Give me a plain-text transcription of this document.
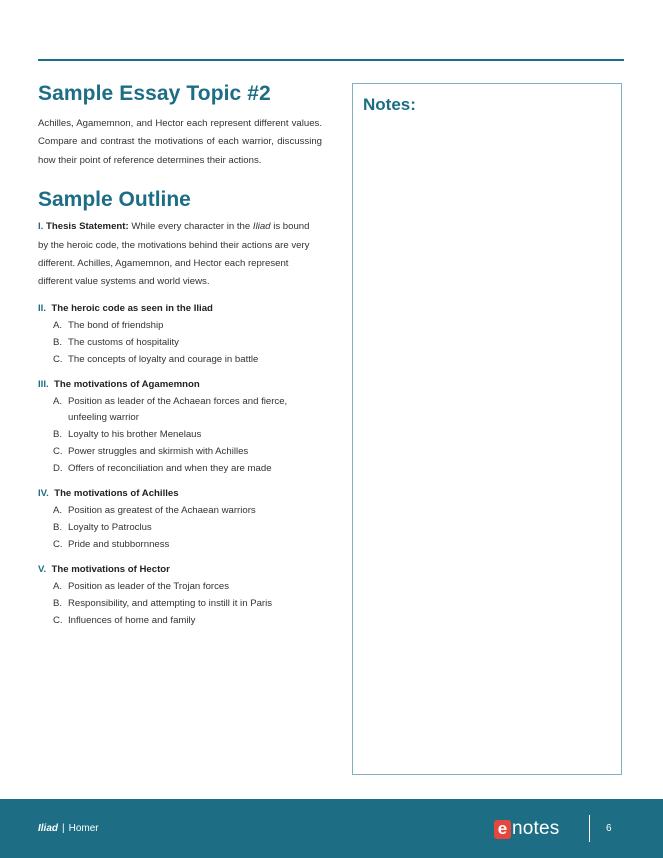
Sample Essay Topic #2

Achilles, Agamemnon, and Hector each represent different values. Compare and contrast the motivations of each warrior, discussing how their point of reference determines their actions.

Sample Outline

I. Thesis Statement: While every character in the Iliad is bound by the heroic code, the motivations behind their actions are very different. Achilles, Agamemnon, and Hector each represent different value systems and world views.

II. The heroic code as seen in the Iliad
A. The bond of friendship
B. The customs of hospitality
C. The concepts of loyalty and courage in battle
III. The motivations of Agamemnon
A. Position as leader of the Achaean forces and fierce, unfeeling warrior
B. Loyalty to his brother Menelaus
C. Power struggles and skirmish with Achilles
D. Offers of reconciliation and when they are made
IV. The motivations of Achilles
A. Position as greatest of the Achaean warriors
B. Loyalty to Patroclus
C. Pride and stubbornness
V. The motivations of Hector
A. Position as leader of the Trojan forces
B. Responsibility, and attempting to instill it in Paris
C. Influences of home and family
Notes:
Iliad | Homer	e notes	6
